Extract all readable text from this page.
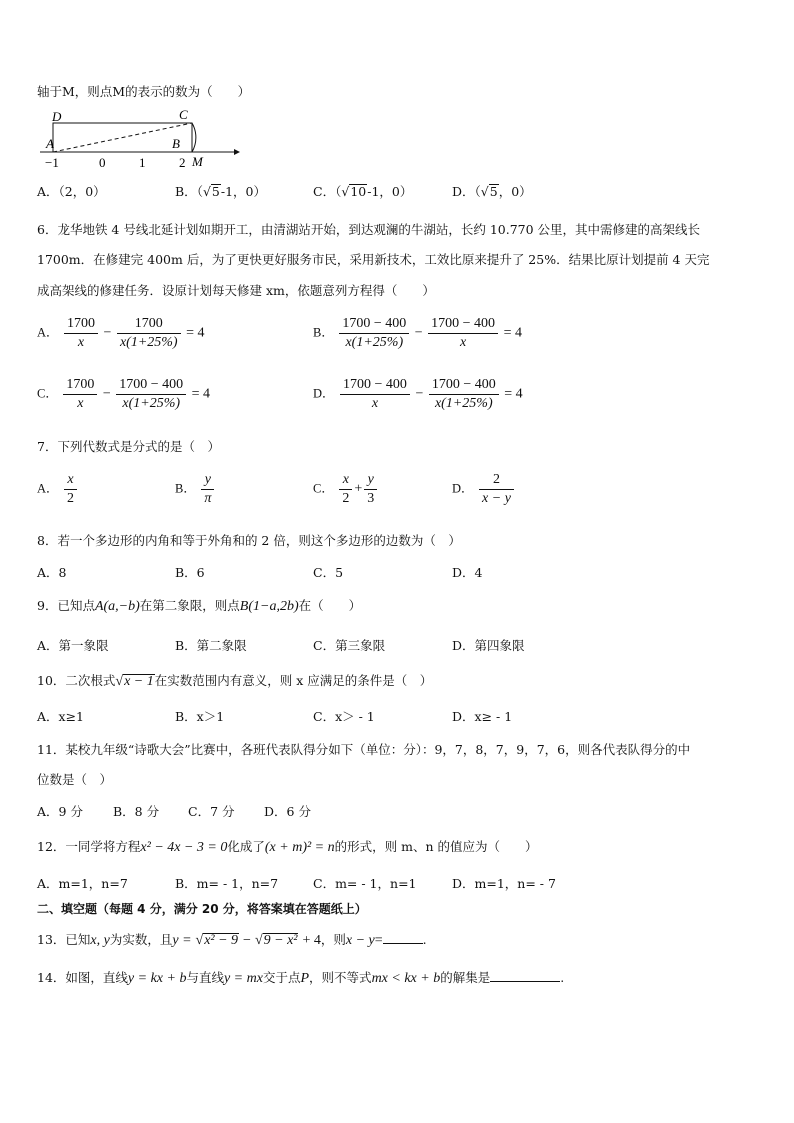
轴于M，则点M的表示的数为（　　）
D	C
A	B
M
−1	0	1	2
A．（2，0）	B．（√5-1，0）	C．（√10-1，0）	D．（√5，0）
6．龙华地铁 4 号线北延计划如期开工，由清湖站开始，到达观澜的牛湖站，长约 10.770 公里，其中需修建的高架线长
1700m．在修建完 400m 后，为了更快更好服务市民，采用新技术，工效比原来提升了 25%．结果比原计划提前 4 天完
成高架线的修建任务．设原计划每天修建 xm，依题意列方程得（　　）
A． $\frac{1700}{x} - \frac{1700}{x(1+25\%)} = 4$	B． $\frac{1700 - 400}{x(1+25\%)} - \frac{1700 - 400}{x} = 4$
C． $\frac{1700}{x} - \frac{1700 - 400}{x(1+25\%)} = 4$	D． $\frac{1700 - 400}{x} - \frac{1700 - 400}{x(1+25\%)} = 4$
7．下列代数式是分式的是（　）
A． $\frac{x}{2}$	B． $\frac{y}{\pi}$	C． $\frac{x}{2} + \frac{y}{3}$	D． $\frac{2}{x - y}$
8．若一个多边形的内角和等于外角和的 2 倍，则这个多边形的边数为（　）
A．8	B．6	C．5	D．4
9．已知点A(a,−b)在第二象限，则点B(1−a,2b)在（　　）
A．第一象限	B．第二象限	C．第三象限	D．第四象限
10．二次根式√x − 1在实数范围内有意义，则 x 应满足的条件是（　）
A．x≥1	B．x＞1	C．x＞ - 1	D．x≥ - 1
11．某校九年级“诗歌大会”比赛中，各班代表队得分如下（单位：分）：9，7，8，7，9，7，6，则各代表队得分的中
位数是（　）
A．9 分 B．8 分 C．7 分 D．6 分
12．一同学将方程x² − 4x − 3 = 0化成了(x + m)² = n的形式，则 m、n 的值应为（　　）
A．m=1，n=7	B．m= - 1，n=7	C．m= - 1，n=1	D．m=1，n= - 7
二、填空题（每题 4 分，满分 20 分，将答案填在答题纸上）
13．已知x, y为实数，且y = √x² − 9 − √9 − x² + 4，则x − y=	.
14．如图，直线y = kx + b与直线y = mx交于点P，则不等式mx < kx + b的解集是	.
